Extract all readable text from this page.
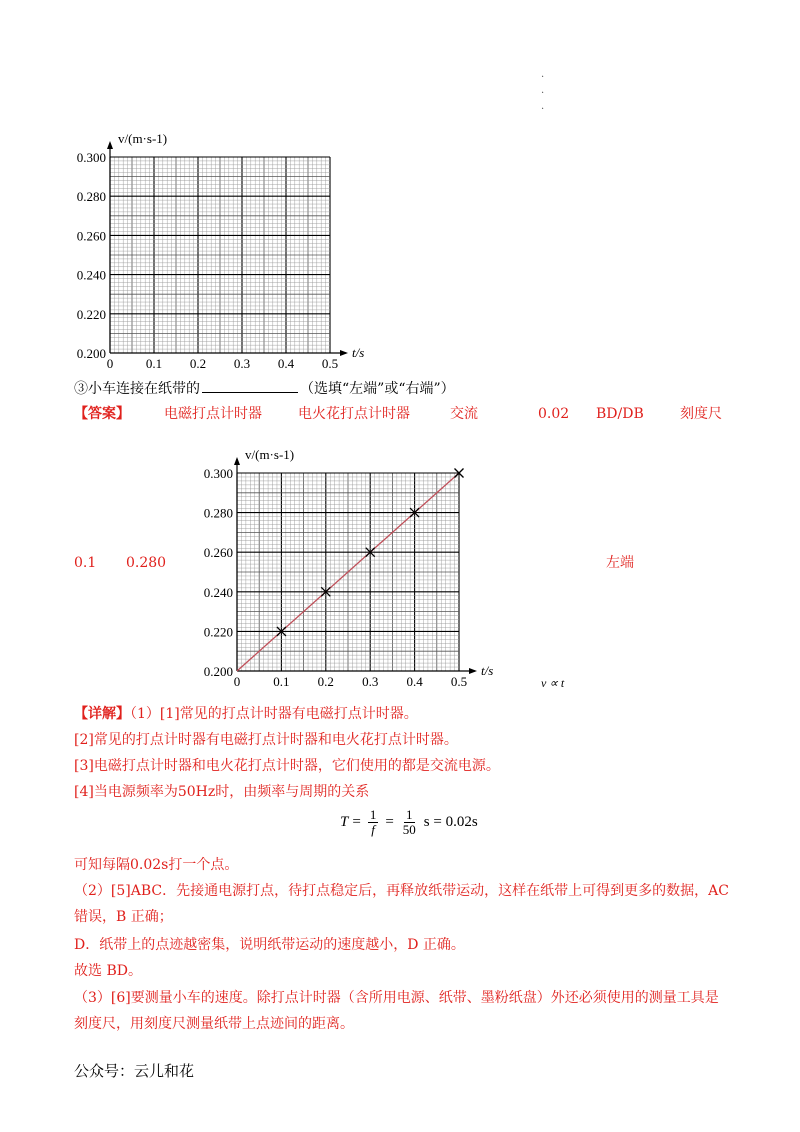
.
.
.
0.200
0.220
0.240
0.260
0.280
0.300
0	0.1 0.2 0.3 0.4 0.5
v/(m·s-1)
t/s
③小车连接在纸带的	（选填“左端”或“右端”）
【答案】 电磁打点计时器	电火花打点计时器	交流	0.02 BD/DB	刻度尺
0.1 0.280	左端
0.200
0.220
0.240
0.260
0.280
0.300
0	0.1 0.2 0.3 0.4 0.5
v/(m·s-1)
t/s
v ∝ t
【详解】（1）[1]常见的打点计时器有电磁打点计时器。
[2]常见的打点计时器有电磁打点计时器和电火花打点计时器。
[3]电磁打点计时器和电火花打点计时器，它们使用的都是交流电源。
[4]当电源频率为50Hz时，由频率与周期的关系
$T = \frac{1}{f} = \frac{1}{50}$ s = 0.02s
可知每隔0.02s打一个点。
（2）[5]ABC．先接通电源打点，待打点稳定后，再释放纸带运动，这样在纸带上可得到更多的数据，AC
错误，B 正确；
D．纸带上的点迹越密集，说明纸带运动的速度越小，D 正确。
故选 BD。
（3）[6]要测量小车的速度。除打点计时器（含所用电源、纸带、墨粉纸盘）外还必须使用的测量工具是
刻度尺，用刻度尺测量纸带上点迹间的距离。
公众号：云儿和花
